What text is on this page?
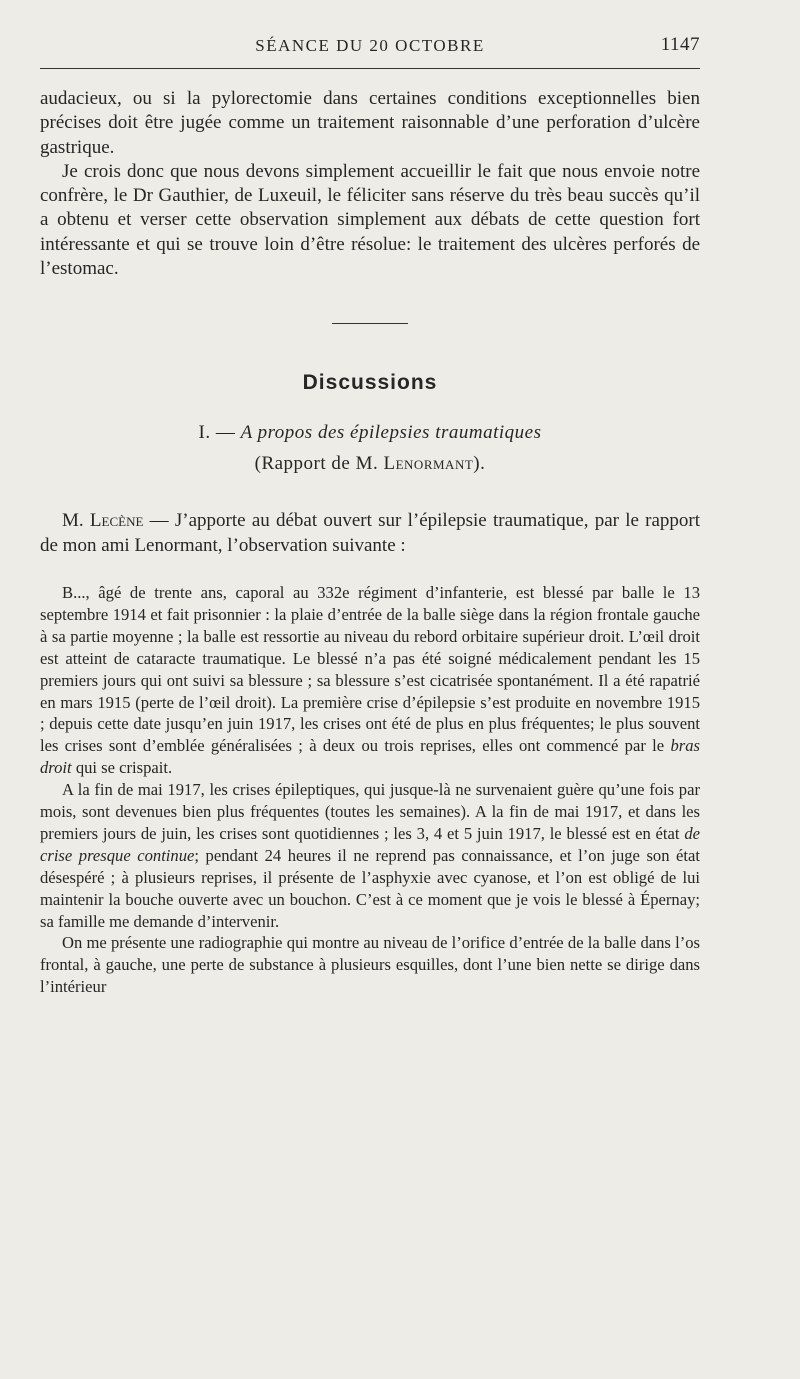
SÉANCE DU 20 OCTOBRE	1147

audacieux, ou si la pylorectomie dans certaines conditions exceptionnelles bien précises doit être jugée comme un traitement raisonnable d’une perforation d’ulcère gastrique.

Je crois donc que nous devons simplement accueillir le fait que nous envoie notre confrère, le Dr Gauthier, de Luxeuil, le féliciter sans réserve du très beau succès qu’il a obtenu et verser cette observation simplement aux débats de cette question fort intéressante et qui se trouve loin d’être résolue: le traitement des ulcères perforés de l’estomac.

Discussions
I. — A propos des épilepsies traumatiques
(Rapport de M. Lenormant).

M. Lecène — J’apporte au débat ouvert sur l’épilepsie traumatique, par le rapport de mon ami Lenormant, l’observation suivante :

B..., âgé de trente ans, caporal au 332e régiment d’infanterie, est blessé par balle le 13 septembre 1914 et fait prisonnier : la plaie d’entrée de la balle siège dans la région frontale gauche à sa partie moyenne ; la balle est ressortie au niveau du rebord orbitaire supérieur droit. L’œil droit est atteint de cataracte traumatique. Le blessé n’a pas été soigné médicalement pendant les 15 premiers jours qui ont suivi sa blessure ; sa blessure s’est cicatrisée spontanément. Il a été rapatrié en mars 1915 (perte de l’œil droit). La première crise d’épilepsie s’est produite en novembre 1915 ; depuis cette date jusqu’en juin 1917, les crises ont été de plus en plus fréquentes; le plus souvent les crises sont d’emblée généralisées ; à deux ou trois reprises, elles ont commencé par le bras droit qui se crispait.

A la fin de mai 1917, les crises épileptiques, qui jusque-là ne survenaient guère qu’une fois par mois, sont devenues bien plus fréquentes (toutes les semaines). A la fin de mai 1917, et dans les premiers jours de juin, les crises sont quotidiennes ; les 3, 4 et 5 juin 1917, le blessé est en état de crise presque continue; pendant 24 heures il ne reprend pas connaissance, et l’on juge son état désespéré ; à plusieurs reprises, il présente de l’asphyxie avec cyanose, et l’on est obligé de lui maintenir la bouche ouverte avec un bouchon. C’est à ce moment que je vois le blessé à Épernay; sa famille me demande d’intervenir.

On me présente une radiographie qui montre au niveau de l’orifice d’entrée de la balle dans l’os frontal, à gauche, une perte de substance à plusieurs esquilles, dont l’une bien nette se dirige dans l’intérieur
